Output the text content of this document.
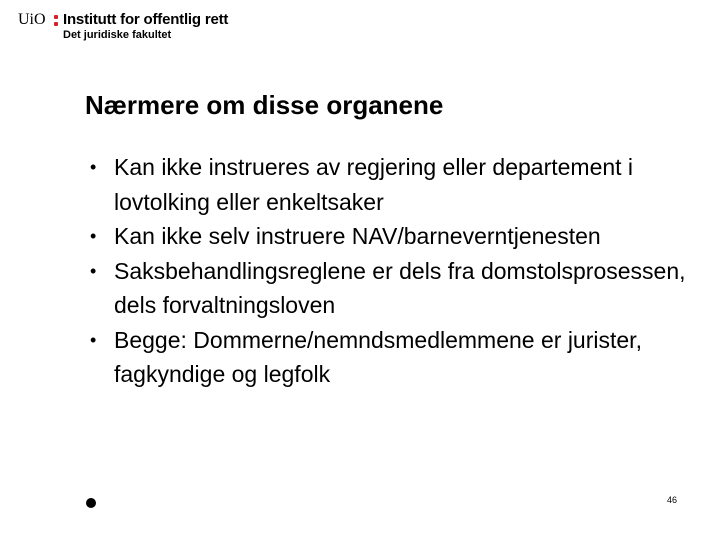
UiO Institutt for offentlig rett
Det juridiske fakultet
Nærmere om disse organene
• Kan ikke instrueres av regjering eller departement i lovtolking eller enkeltsaker
• Kan ikke selv instruere NAV/barneverntjenesten
• Saksbehandlingsreglene er dels fra domstolsprosessen, dels forvaltningsloven
• Begge: Dommerne/nemndsmedlemmene er jurister, fagkyndige og legfolk
46
